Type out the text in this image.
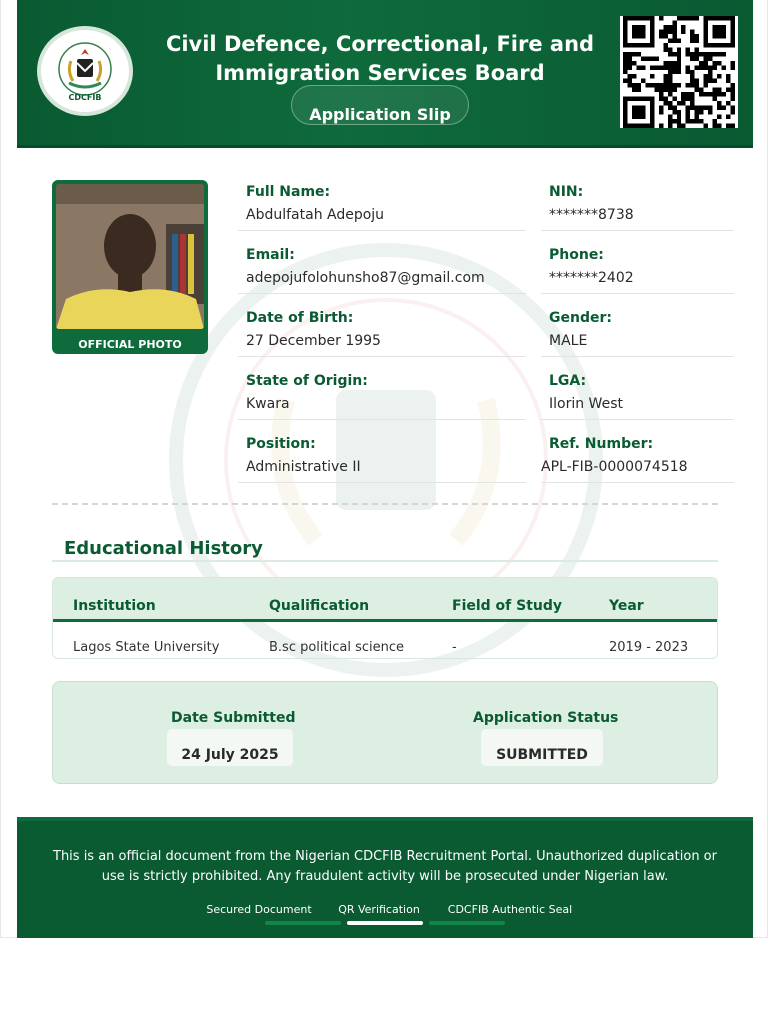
CDCFIB
Civil Defence, Correctional, Fire and
Immigration Services Board
Application Slip
OFFICIAL PHOTO
Full Name:
Abdulfatah Adepoju
NIN:
*******8738
Email:
adepojufolohunsho87@gmail.com
Phone:
*******2402
Date of Birth:
27 December 1995
Gender:
MALE
State of Origin:
Kwara
LGA:
Ilorin West
Position:
Administrative II
Ref. Number:
APL-FIB-0000074518
Educational History
Institution	Qualification	Field of Study	Year
Lagos State University	B.sc political science	-	2019 - 2023
Date Submitted
24 July 2025
Application Status
SUBMITTED
This is an official document from the Nigerian CDCFIB Recruitment Portal. Unauthorized duplication or use is strictly prohibited. Any fraudulent activity will be prosecuted under Nigerian law.
Secured Document	QR Verification	CDCFIB Authentic Seal
